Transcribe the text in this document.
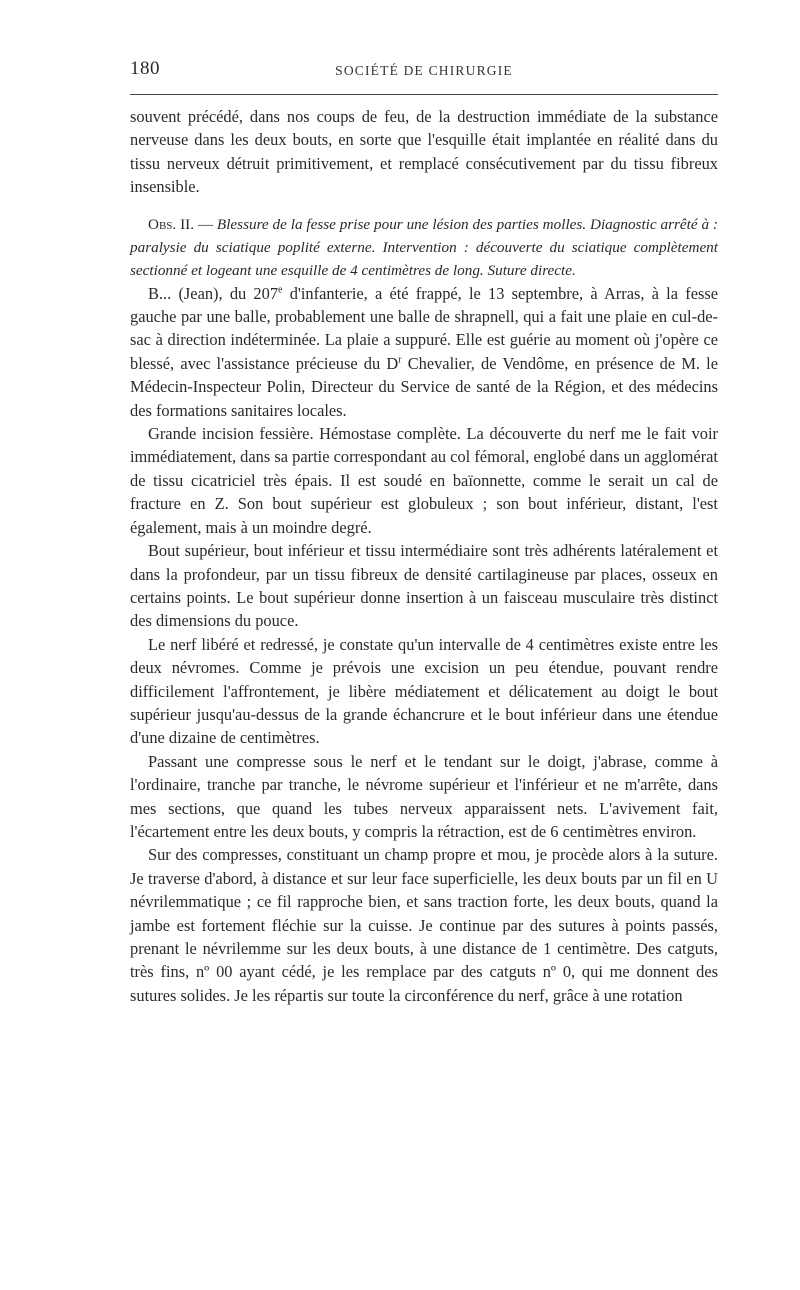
180	SOCIÉTÉ DE CHIRURGIE

souvent précédé, dans nos coups de feu, de la destruction immédiate de la substance nerveuse dans les deux bouts, en sorte que l'esquille était implantée en réalité dans du tissu nerveux détruit primitivement, et remplacé consécutivement par du tissu fibreux insensible.

Obs. II. — Blessure de la fesse prise pour une lésion des parties molles. Diagnostic arrêté à : paralysie du sciatique poplité externe. Intervention : découverte du sciatique complètement sectionné et logeant une esquille de 4 centimètres de long. Suture directe.

B... (Jean), du 207e d'infanterie, a été frappé, le 13 septembre, à Arras, à la fesse gauche par une balle, probablement une balle de shrapnell, qui a fait une plaie en cul-de-sac à direction indéterminée. La plaie a suppuré. Elle est guérie au moment où j'opère ce blessé, avec l'assistance précieuse du $D^r$ Chevalier, de Vendôme, en présence de M. le Médecin-Inspecteur Polin, Directeur du Service de santé de la Région, et des médecins des formations sanitaires locales.

Grande incision fessière. Hémostase complète. La découverte du nerf me le fait voir immédiatement, dans sa partie correspondant au col fémoral, englobé dans un agglomérat de tissu cicatriciel très épais. Il est soudé en baïonnette, comme le serait un cal de fracture en Z. Son bout supérieur est globuleux ; son bout inférieur, distant, l'est également, mais à un moindre degré.

Bout supérieur, bout inférieur et tissu intermédiaire sont très adhérents latéralement et dans la profondeur, par un tissu fibreux de densité cartilagineuse par places, osseux en certains points. Le bout supérieur donne insertion à un faisceau musculaire très distinct des dimensions du pouce.

Le nerf libéré et redressé, je constate qu'un intervalle de 4 centimètres existe entre les deux névromes. Comme je prévois une excision un peu étendue, pouvant rendre difficilement l'affrontement, je libère médiatement et délicatement au doigt le bout supérieur jusqu'au-dessus de la grande échancrure et le bout inférieur dans une étendue d'une dizaine de centimètres.

Passant une compresse sous le nerf et le tendant sur le doigt, j'abrase, comme à l'ordinaire, tranche par tranche, le névrome supérieur et l'inférieur et ne m'arrête, dans mes sections, que quand les tubes nerveux apparaissent nets. L'avivement fait, l'écartement entre les deux bouts, y compris la rétraction, est de 6 centimètres environ.

Sur des compresses, constituant un champ propre et mou, je procède alors à la suture. Je traverse d'abord, à distance et sur leur face superficielle, les deux bouts par un fil en U névrilemmatique ; ce fil rapproche bien, et sans traction forte, les deux bouts, quand la jambe est fortement fléchie sur la cuisse. Je continue par des sutures à points passés, prenant le névrilemme sur les deux bouts, à une distance de 1 centimètre. Des catguts, très fins, nº 00 ayant cédé, je les remplace par des catguts nº 0, qui me donnent des sutures solides. Je les répartis sur toute la circonférence du nerf, grâce à une rotation
